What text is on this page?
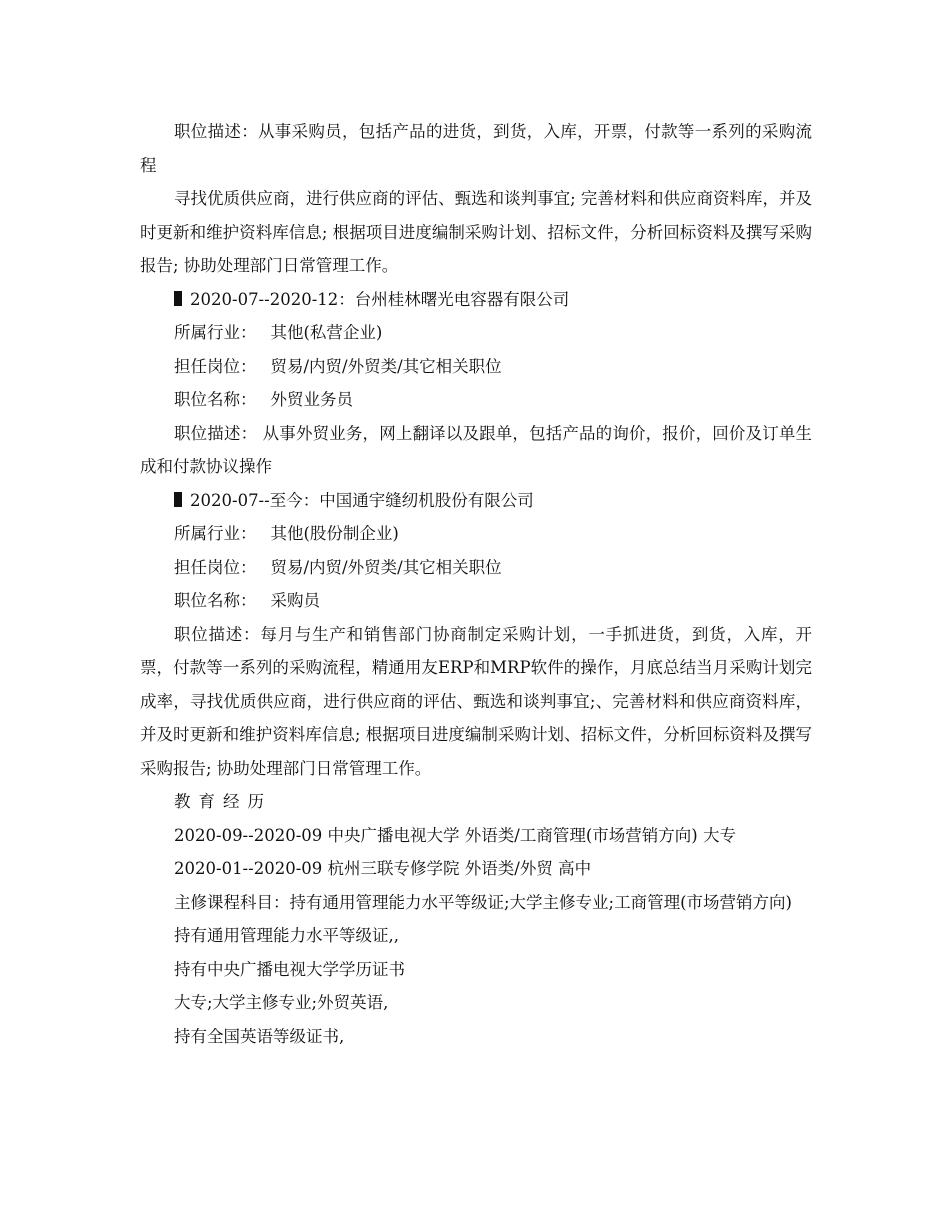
职位描述：从事采购员，包括产品的进货，到货，入库，开票，付款等一系列的采购流程

寻找优质供应商，进行供应商的评估、甄选和谈判事宜; 完善材料和供应商资料库，并及时更新和维护资料库信息; 根据项目进度编制采购计划、招标文件，分析回标资料及撰写采购报告; 协助处理部门日常管理工作。

2020-07--2020-12：台州桂林曙光电容器有限公司

所属行业： 其他(私营企业)

担任岗位： 贸易/内贸/外贸类/其它相关职位

职位名称： 外贸业务员

职位描述： 从事外贸业务，网上翻译以及跟单，包括产品的询价，报价，回价及订单生成和付款协议操作

2020-07--至今：中国通宇缝纫机股份有限公司

所属行业： 其他(股份制企业)

担任岗位： 贸易/内贸/外贸类/其它相关职位

职位名称： 采购员

职位描述：每月与生产和销售部门协商制定采购计划，一手抓进货，到货，入库，开票，付款等一系列的采购流程，精通用友ERP和MRP软件的操作，月底总结当月采购计划完成率，寻找优质供应商，进行供应商的评估、甄选和谈判事宜;、完善材料和供应商资料库，并及时更新和维护资料库信息; 根据项目进度编制采购计划、招标文件，分析回标资料及撰写采购报告; 协助处理部门日常管理工作。

教育经历

2020-09--2020-09 中央广播电视大学 外语类/工商管理(市场营销方向) 大专

2020-01--2020-09 杭州三联专修学院 外语类/外贸 高中

主修课程科目：持有通用管理能力水平等级证;大学主修专业;工商管理(市场营销方向)

持有通用管理能力水平等级证,,

持有中央广播电视大学学历证书

大专;大学主修专业;外贸英语,

持有全国英语等级证书,
